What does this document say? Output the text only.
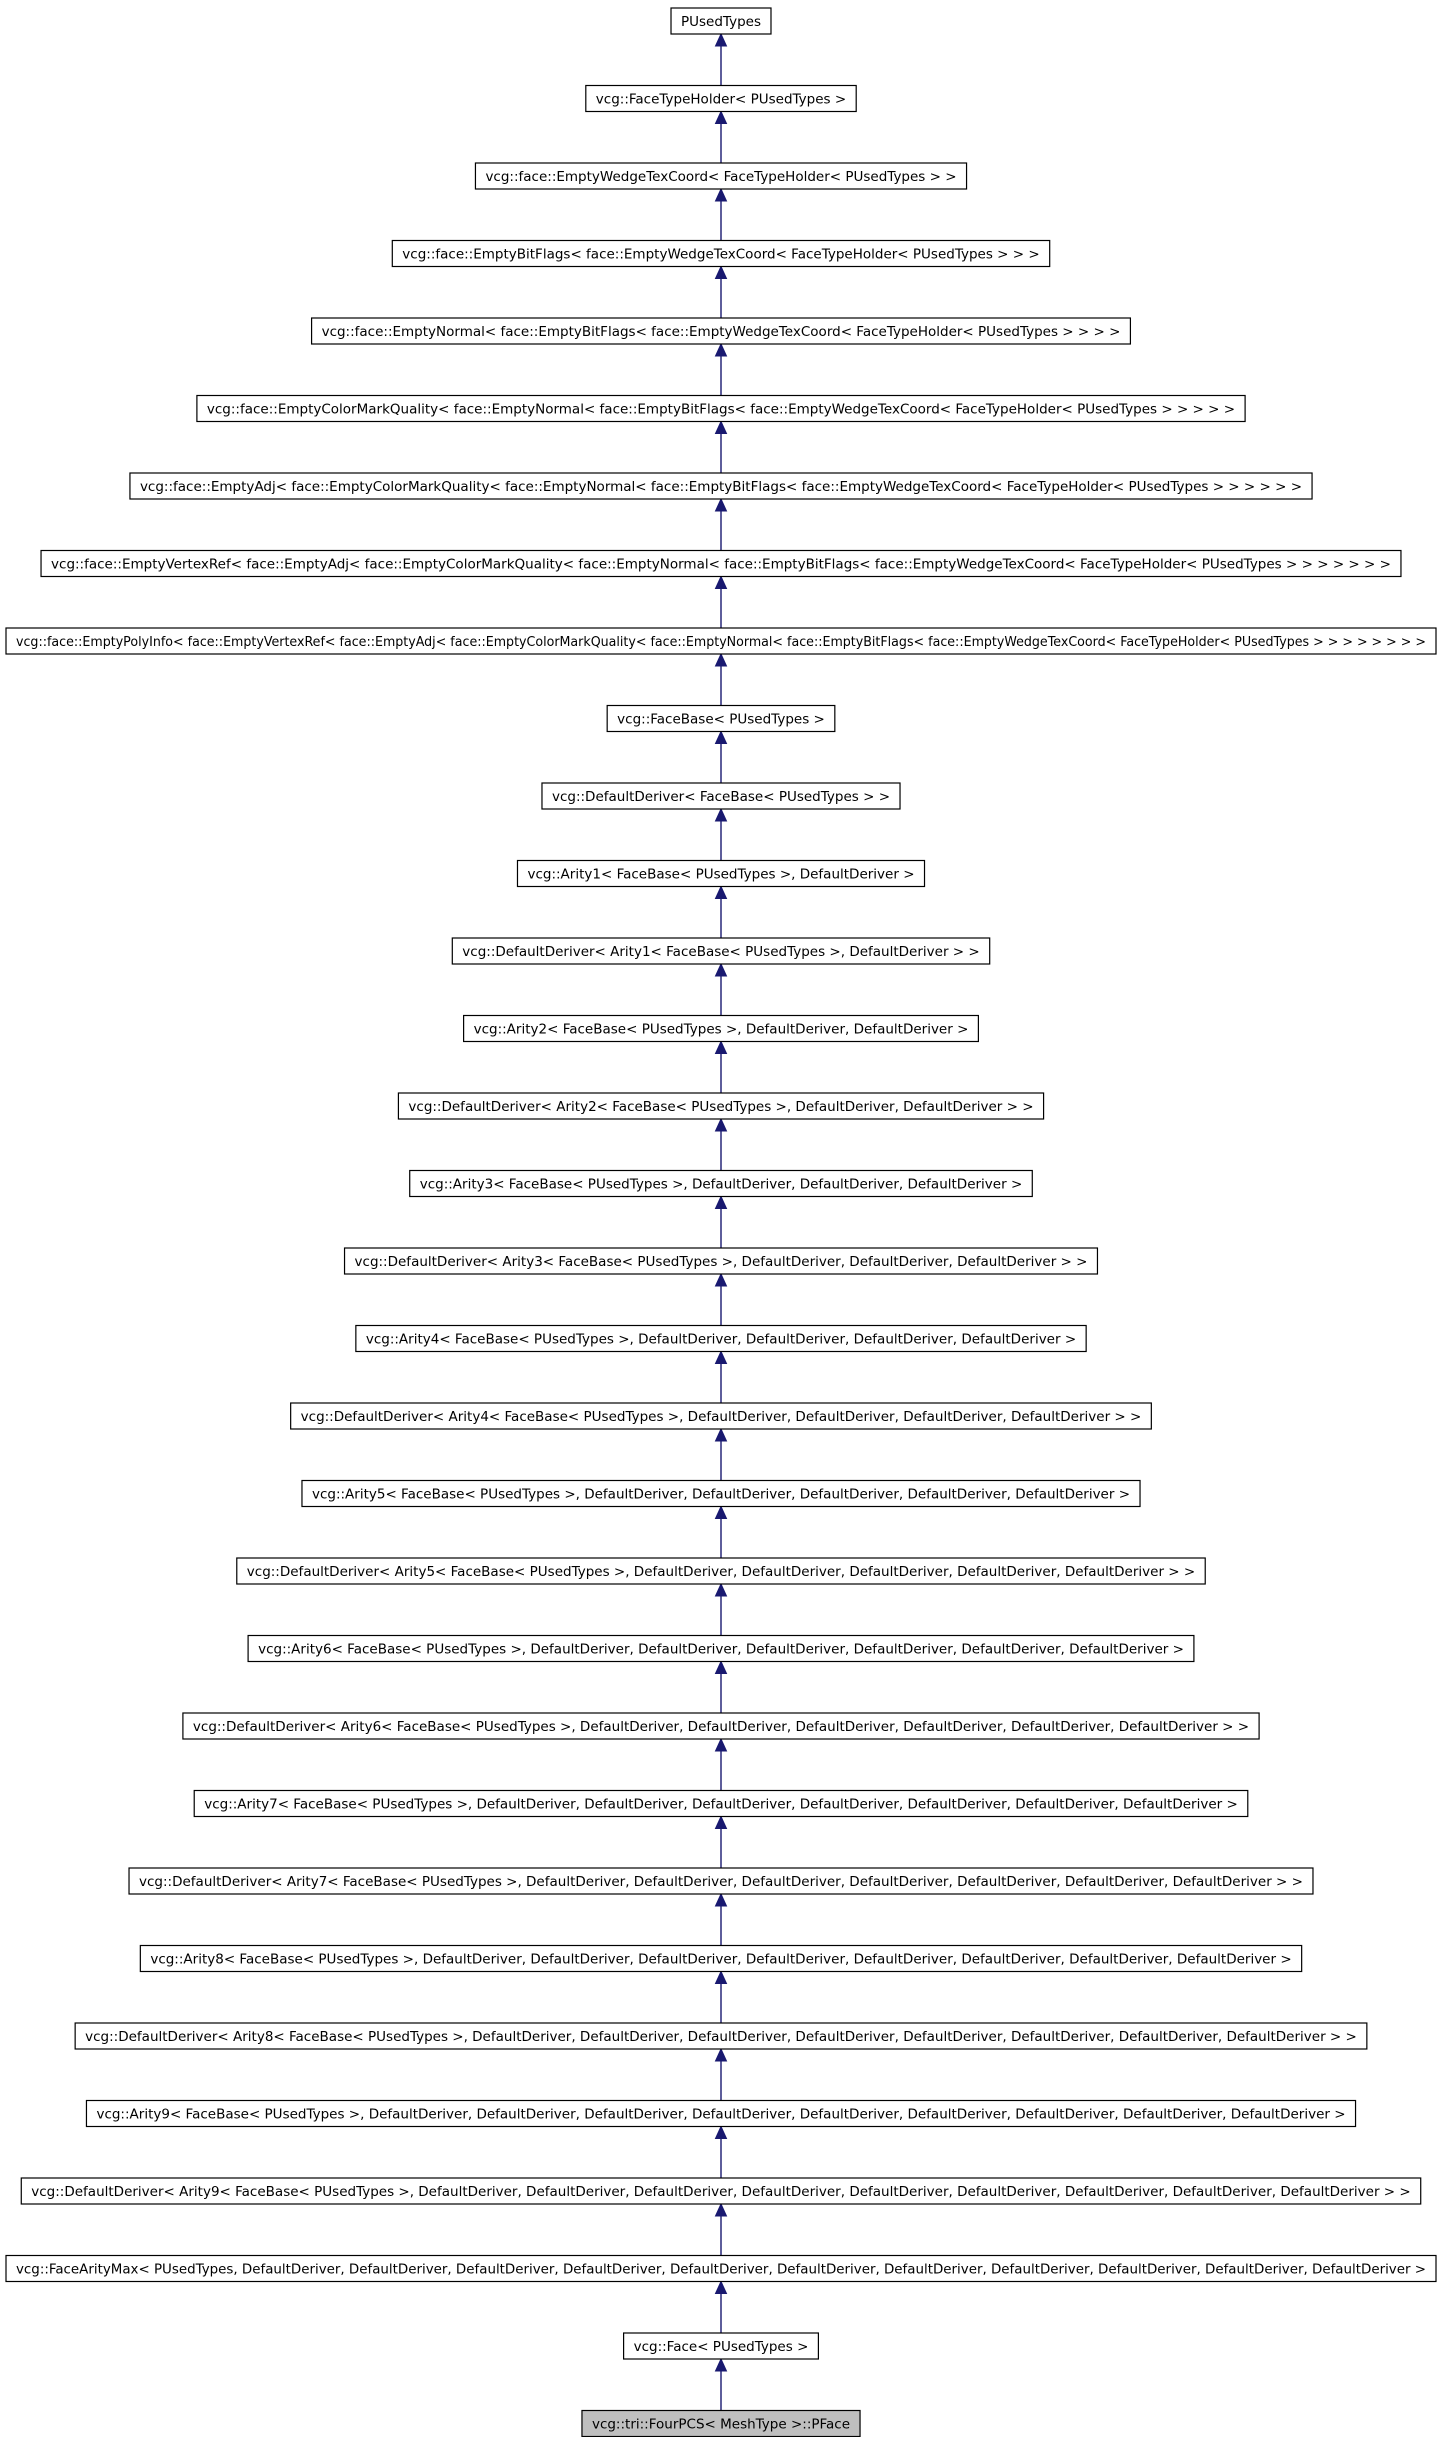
PUsedTypes
vcg::FaceTypeHolder< PUsedTypes >
vcg::face::EmptyWedgeTexCoord< FaceTypeHolder< PUsedTypes > >
vcg::face::EmptyBitFlags< face::EmptyWedgeTexCoord< FaceTypeHolder< PUsedTypes > > >
vcg::face::EmptyNormal< face::EmptyBitFlags< face::EmptyWedgeTexCoord< FaceTypeHolder< PUsedTypes > > > >
vcg::face::EmptyColorMarkQuality< face::EmptyNormal< face::EmptyBitFlags< face::EmptyWedgeTexCoord< FaceTypeHolder< PUsedTypes > > > > >
vcg::face::EmptyAdj< face::EmptyColorMarkQuality< face::EmptyNormal< face::EmptyBitFlags< face::EmptyWedgeTexCoord< FaceTypeHolder< PUsedTypes > > > > > >
vcg::face::EmptyVertexRef< face::EmptyAdj< face::EmptyColorMarkQuality< face::EmptyNormal< face::EmptyBitFlags< face::EmptyWedgeTexCoord< FaceTypeHolder< PUsedTypes > > > > > > >
vcg::face::EmptyPolyInfo< face::EmptyVertexRef< face::EmptyAdj< face::EmptyColorMarkQuality< face::EmptyNormal< face::EmptyBitFlags< face::EmptyWedgeTexCoord< FaceTypeHolder< PUsedTypes > > > > > > > >
vcg::FaceBase< PUsedTypes >
vcg::DefaultDeriver< FaceBase< PUsedTypes > >
vcg::Arity1< FaceBase< PUsedTypes >, DefaultDeriver >
vcg::DefaultDeriver< Arity1< FaceBase< PUsedTypes >, DefaultDeriver > >
vcg::Arity2< FaceBase< PUsedTypes >, DefaultDeriver, DefaultDeriver >
vcg::DefaultDeriver< Arity2< FaceBase< PUsedTypes >, DefaultDeriver, DefaultDeriver > >
vcg::Arity3< FaceBase< PUsedTypes >, DefaultDeriver, DefaultDeriver, DefaultDeriver >
vcg::DefaultDeriver< Arity3< FaceBase< PUsedTypes >, DefaultDeriver, DefaultDeriver, DefaultDeriver > >
vcg::Arity4< FaceBase< PUsedTypes >, DefaultDeriver, DefaultDeriver, DefaultDeriver, DefaultDeriver >
vcg::DefaultDeriver< Arity4< FaceBase< PUsedTypes >, DefaultDeriver, DefaultDeriver, DefaultDeriver, DefaultDeriver > >
vcg::Arity5< FaceBase< PUsedTypes >, DefaultDeriver, DefaultDeriver, DefaultDeriver, DefaultDeriver, DefaultDeriver >
vcg::DefaultDeriver< Arity5< FaceBase< PUsedTypes >, DefaultDeriver, DefaultDeriver, DefaultDeriver, DefaultDeriver, DefaultDeriver > >
vcg::Arity6< FaceBase< PUsedTypes >, DefaultDeriver, DefaultDeriver, DefaultDeriver, DefaultDeriver, DefaultDeriver, DefaultDeriver >
vcg::DefaultDeriver< Arity6< FaceBase< PUsedTypes >, DefaultDeriver, DefaultDeriver, DefaultDeriver, DefaultDeriver, DefaultDeriver, DefaultDeriver > >
vcg::Arity7< FaceBase< PUsedTypes >, DefaultDeriver, DefaultDeriver, DefaultDeriver, DefaultDeriver, DefaultDeriver, DefaultDeriver, DefaultDeriver >
vcg::DefaultDeriver< Arity7< FaceBase< PUsedTypes >, DefaultDeriver, DefaultDeriver, DefaultDeriver, DefaultDeriver, DefaultDeriver, DefaultDeriver, DefaultDeriver > >
vcg::Arity8< FaceBase< PUsedTypes >, DefaultDeriver, DefaultDeriver, DefaultDeriver, DefaultDeriver, DefaultDeriver, DefaultDeriver, DefaultDeriver, DefaultDeriver >
vcg::DefaultDeriver< Arity8< FaceBase< PUsedTypes >, DefaultDeriver, DefaultDeriver, DefaultDeriver, DefaultDeriver, DefaultDeriver, DefaultDeriver, DefaultDeriver, DefaultDeriver > >
vcg::Arity9< FaceBase< PUsedTypes >, DefaultDeriver, DefaultDeriver, DefaultDeriver, DefaultDeriver, DefaultDeriver, DefaultDeriver, DefaultDeriver, DefaultDeriver, DefaultDeriver >
vcg::DefaultDeriver< Arity9< FaceBase< PUsedTypes >, DefaultDeriver, DefaultDeriver, DefaultDeriver, DefaultDeriver, DefaultDeriver, DefaultDeriver, DefaultDeriver, DefaultDeriver, DefaultDeriver > >
vcg::FaceArityMax< PUsedTypes, DefaultDeriver, DefaultDeriver, DefaultDeriver, DefaultDeriver, DefaultDeriver, DefaultDeriver, DefaultDeriver, DefaultDeriver, DefaultDeriver, DefaultDeriver, DefaultDeriver >
vcg::Face< PUsedTypes >
vcg::tri::FourPCS< MeshType >::PFace
